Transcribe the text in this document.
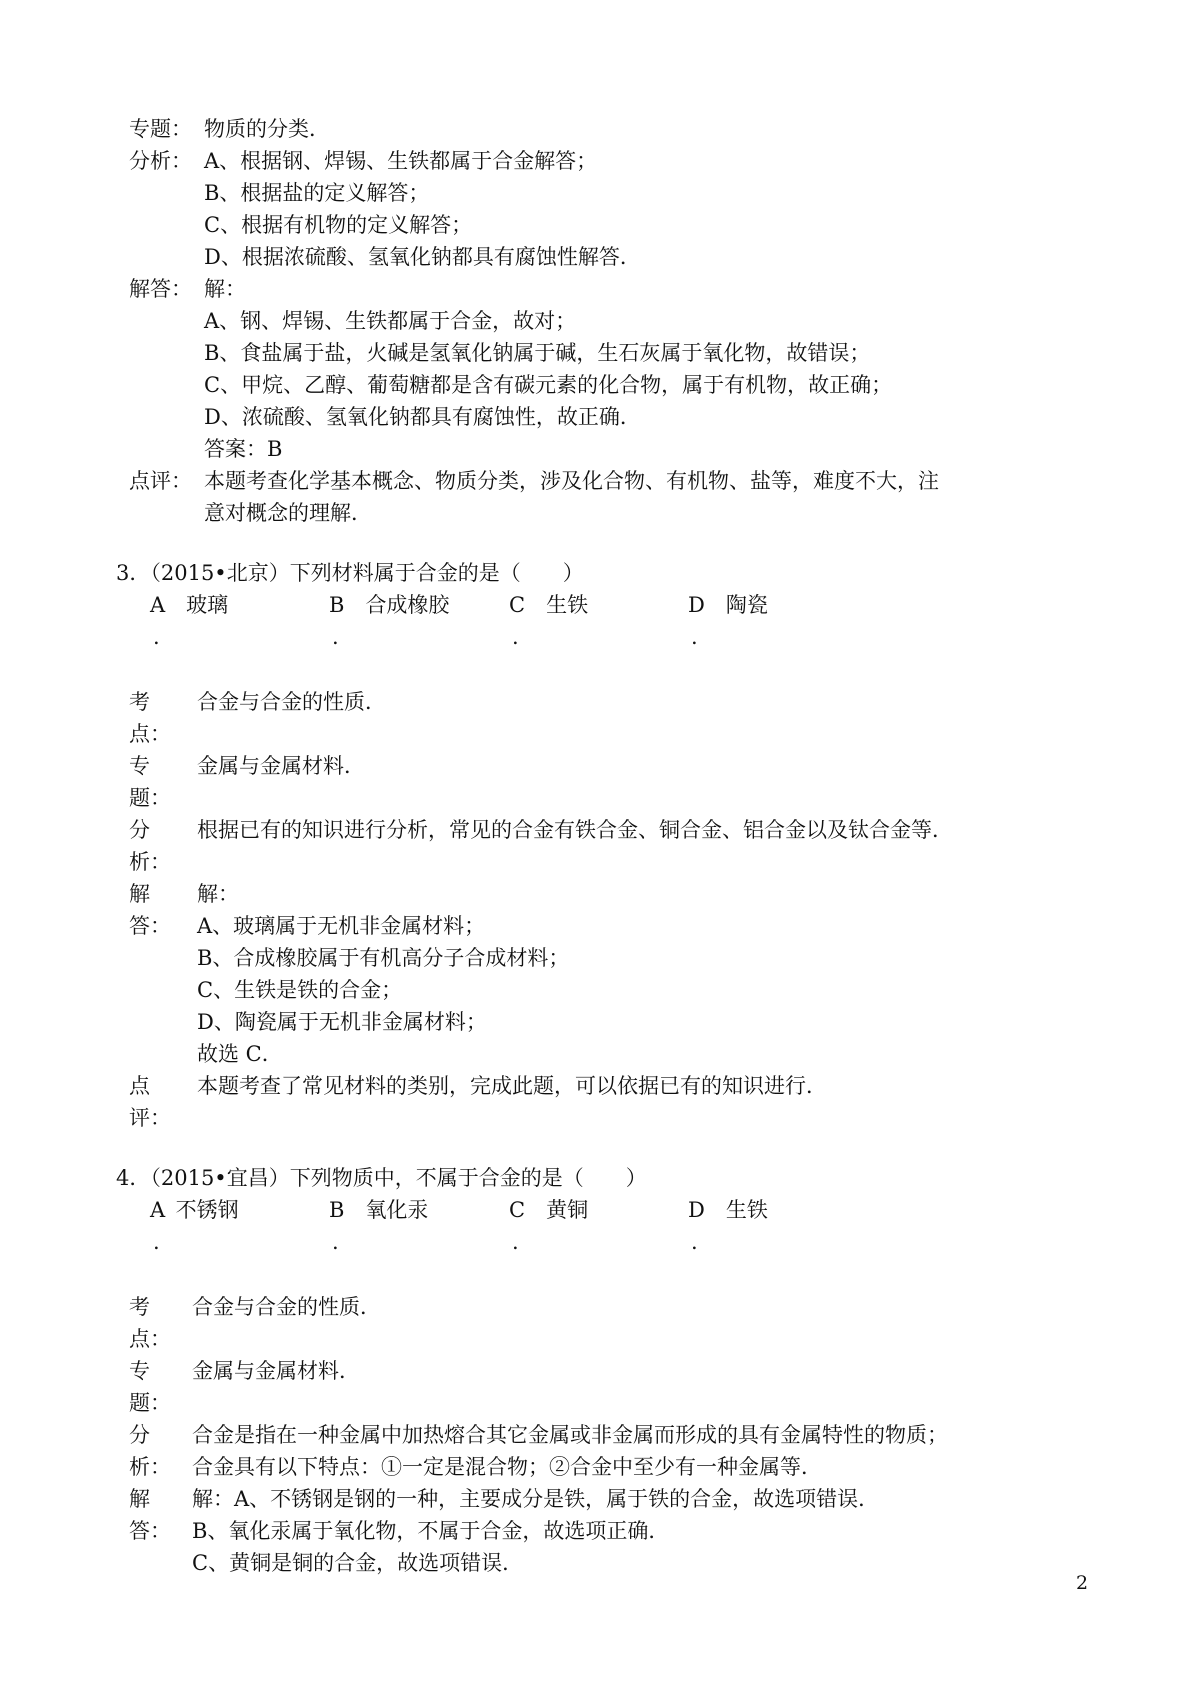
专题： 物质的分类．
分析： A、根据钢、焊锡、生铁都属于合金解答；
B、根据盐的定义解答；
C、根据有机物的定义解答；
D、根据浓硫酸、氢氧化钠都具有腐蚀性解答．
解答： 解：
A、钢、焊锡、生铁都属于合金，故对；
B、食盐属于盐，火碱是氢氧化钠属于碱，生石灰属于氧化物，故错误；
C、甲烷、乙醇、葡萄糖都是含有碳元素的化合物，属于有机物，故正确；
D、浓硫酸、氢氧化钠都具有腐蚀性，故正确．
答案：B
点评： 本题考查化学基本概念、物质分类，涉及化合物、有机物、盐等，难度不大，注
意对概念的理解．
3．（2015•北京）下列材料属于合金的是（　　）
A   玻璃
.
B   合成橡胶
.
C   生铁
.
D   陶瓷
.
考
点：
合金与合金的性质．
专
题：
金属与金属材料．
分
析：
根据已有的知识进行分析，常见的合金有铁合金、铜合金、铝合金以及钛合金等．
解
答：
解：
A、玻璃属于无机非金属材料；
B、合成橡胶属于有机高分子合成材料；
C、生铁是铁的合金；
D、陶瓷属于无机非金属材料；
故选 C．
点
评：
本题考查了常见材料的类别，完成此题，可以依据已有的知识进行．
4．（2015•宜昌）下列物质中，不属于合金的是（　　）
A  不锈钢
.
B   氧化汞
.
C   黄铜
.
D   生铁
.
考
点：
合金与合金的性质．
专
题：
金属与金属材料．
分
析：
合金是指在一种金属中加热熔合其它金属或非金属而形成的具有金属特性的物质；
合金具有以下特点：①一定是混合物；②合金中至少有一种金属等．
解
答：
解：A、不锈钢是钢的一种，主要成分是铁，属于铁的合金，故选项错误．
B、氧化汞属于氧化物，不属于合金，故选项正确．
C、黄铜是铜的合金，故选项错误．
2
